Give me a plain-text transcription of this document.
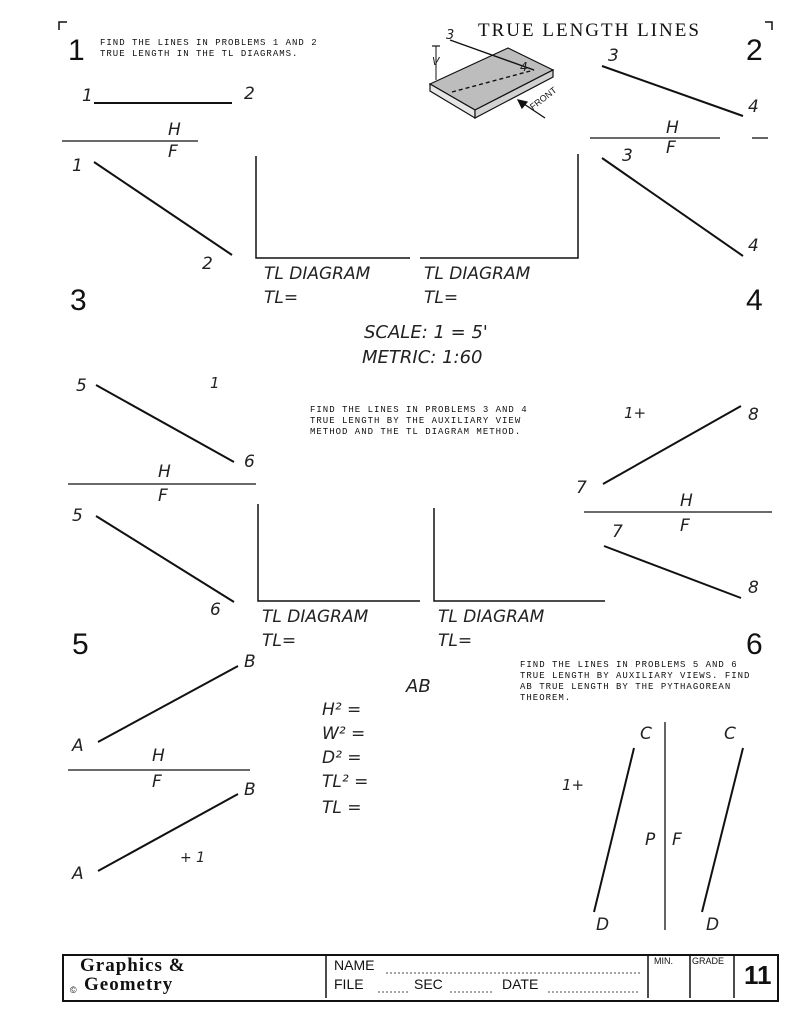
TRUE LENGTH LINES
1	2
3	4
5	6
FIND THE LINES IN PROBLEMS 1 AND 2
TRUE LENGTH IN THE TL DIAGRAMS.
FIND THE LINES IN PROBLEMS 3 AND 4
TRUE LENGTH BY THE AUXILIARY VIEW
METHOD AND THE TL DIAGRAM METHOD.
FIND THE LINES IN PROBLEMS 5 AND 6
TRUE LENGTH BY AUXILIARY VIEWS. FIND
AB TRUE LENGTH BY THE PYTHAGOREAN
THEOREM.
SCALE: 1 = 5'
METRIC: 1:60
3
V	4
FRONT
1	2
H
F
1
2	TL DIAGRAM
TL=
TL DIAGRAM
TL=
3
4
H
F
3
4
5
6
1
H
F
5
6 TL DIAGRAM
TL=
TL DIAGRAM
TL=
1+	8
7
H
F
7
8
B
A	H
F	B
A
+ 1
AB
H² =
W² =
D² =
TL² =
TL =
1+
C	C
P F
D	D
Graphics &
Geometry
©
NAME
FILE	SEC	DATE
MIN. GRADE 11
